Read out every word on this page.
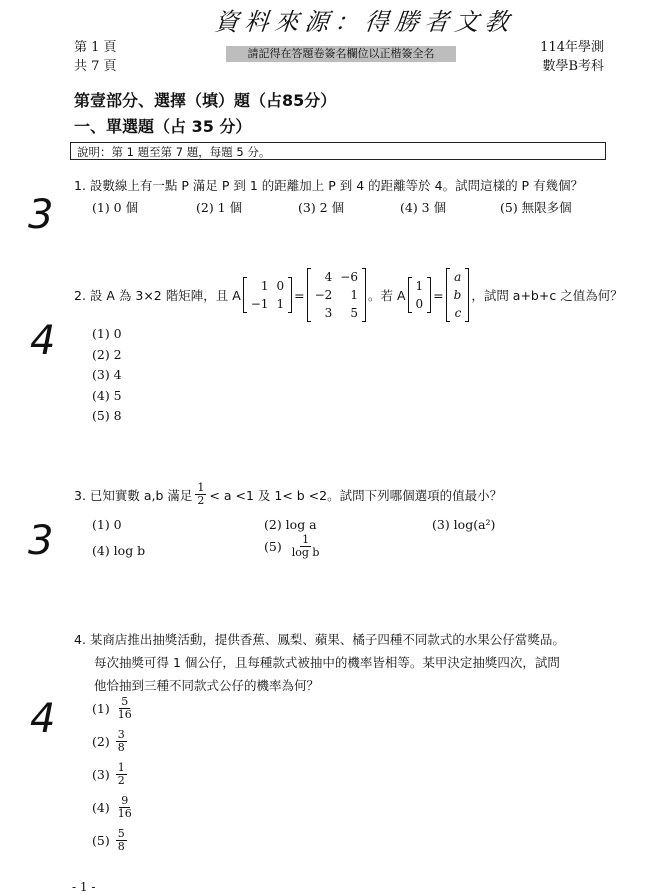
資料來源：得勝者文教
第 1 頁
共 7 頁
請記得在答題卷簽名欄位以正楷簽全名	114年學測
數學B考科
第壹部分、選擇（填）題（占85分）
一、單選題（占 35 分）
說明：第 1 題至第 7 題，每題 5 分。
1. 設數線上有一點 P 滿足 P 到 1 的距離加上 P 到 4 的距離等於 4。試問這樣的 P 有幾個？
(1) 0 個	(2) 1 個	(3) 2 個	(4) 3 個	(5) 無限多個
3
2. 設 A 為 3×2 階矩陣，且 A
1	0
−1	1
=
4	−6
−2	1
3	5
。若 A
1
0
=
a
b
c
，試問 a+b+c 之值為何？
(1) 0
(2) 2
(3) 4
(4) 5
(5) 8
4
3. 已知實數 a,b 滿足 $\frac{1}{2} < a <1$ 及 1< b <2。試問下列哪個選項的值最小？
(1) 0	(2) log a	(3) log(a²)
(4) log b	$(5) \frac{1}{\text{log b}}$
3
4. 某商店推出抽獎活動，提供香蕉、鳳梨、蘋果、橘子四種不同款式的水果公仔當獎品。
每次抽獎可得 1 個公仔，且每種款式被抽中的機率皆相等。某甲決定抽獎四次，試問
他恰抽到三種不同款式公仔的機率為何？
$(1) \frac{5}{16}$
$(2) \frac{3}{8}$
$(3) \frac{1}{2}$
$(4) \frac{9}{16}$
$(5) \frac{5}{8}$
4
- 1 -
